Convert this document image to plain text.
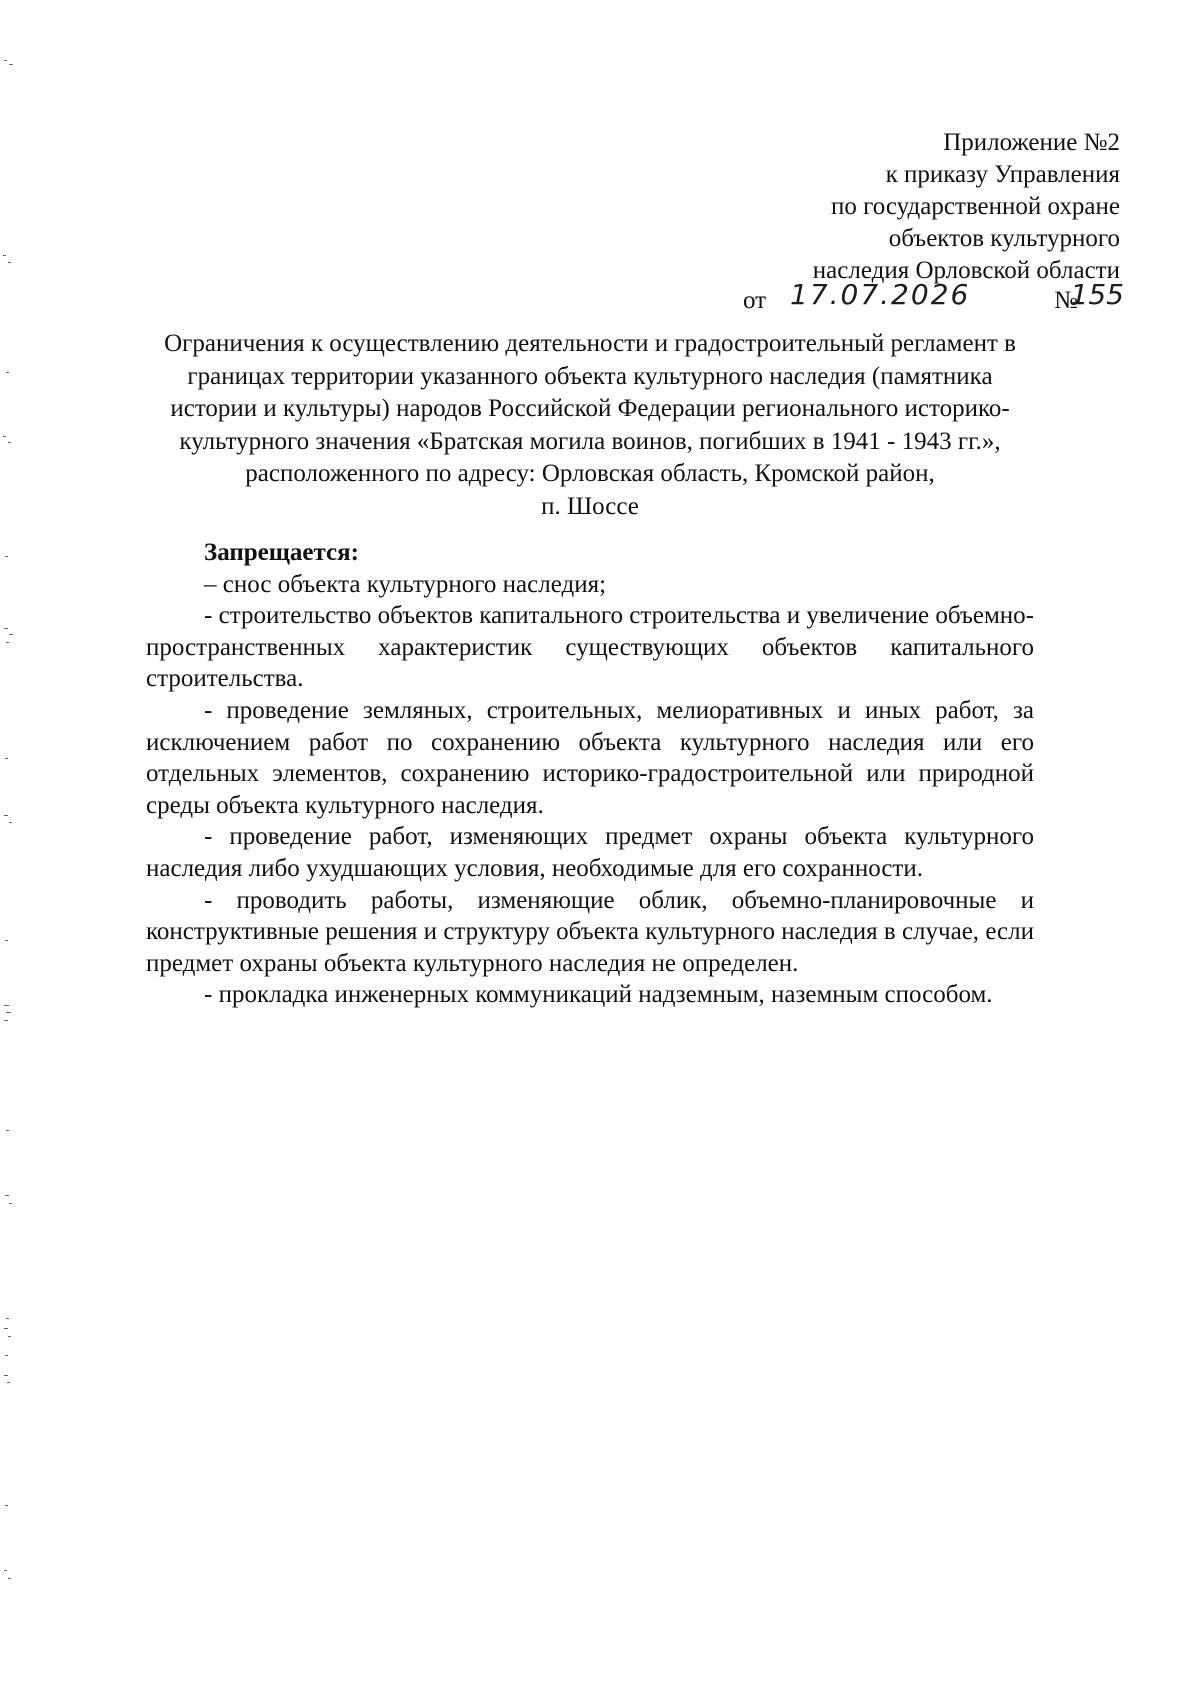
Приложение №2
к приказу Управления
по государственной охране
объектов культурного
наследия Орловской области
от 17.07.2026	№
155
Ограничения к осуществлению деятельности и градостроительный регламент в
границах территории указанного объекта культурного наследия (памятника
истории и культуры) народов Российской Федерации регионального историко-
культурного значения «Братская могила воинов, погибших в 1941 - 1943 гг.»,
расположенного по адресу: Орловская область, Кромской район,
п. Шоссе
Запрещается:

– снос объекта культурного наследия;

- строительство объектов капитального строительства и увеличение объемно-пространственных характеристик существующих объектов капитального строительства.

- проведение земляных, строительных, мелиоративных и иных работ, за исключением работ по сохранению объекта культурного наследия или его отдельных элементов, сохранению историко-градостроительной или природной среды объекта культурного наследия.

- проведение работ, изменяющих предмет охраны объекта культурного наследия либо ухудшающих условия, необходимые для его сохранности.

- проводить работы, изменяющие облик, объемно-планировочные и конструктивные решения и структуру объекта культурного наследия в случае, если предмет охраны объекта культурного наследия не определен.

- прокладка инженерных коммуникаций надземным, наземным способом.
